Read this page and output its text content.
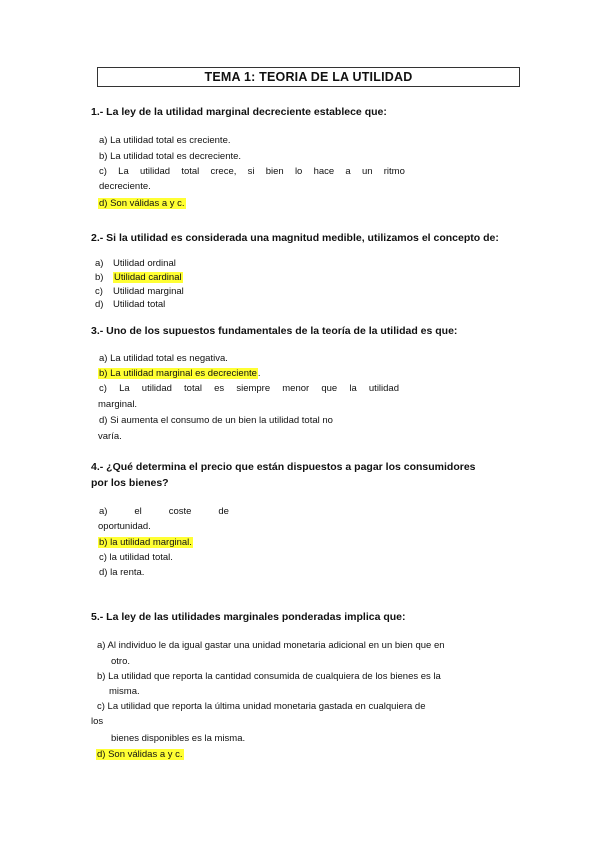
TEMA 1: TEORIA DE LA UTILIDAD
1.- La ley de la utilidad marginal decreciente establece que:
a) La utilidad total es creciente.
b) La utilidad total es decreciente.
c) La utilidad total crece, si bien lo hace a un ritmo
decreciente.
d) Son válidas a y c.
2.- Si la utilidad es considerada una magnitud medible, utilizamos el concepto de:
a)	Utilidad ordinal
b)	Utilidad cardinal
c)	Utilidad marginal
d)	Utilidad total
3.- Uno de los supuestos fundamentales de la teoría de la utilidad es que:
a) La utilidad total es negativa.
b) La utilidad marginal es decreciente.
c) La utilidad total es siempre menor que la utilidad
marginal.
d) Si aumenta el consumo de un bien la utilidad total no
varía.
4.- ¿Qué determina el precio que están dispuestos a pagar los consumidores
por los bienes?
a)	el	coste	de
oportunidad.
b) la utilidad marginal.
c) la utilidad total.
d) la renta.
5.- La ley de las utilidades marginales ponderadas implica que:
a) Al individuo le da igual gastar una unidad monetaria adicional en un bien que en
otro.
b) La utilidad que reporta la cantidad consumida de cualquiera de los bienes es la
misma.
c) La utilidad que reporta la última unidad monetaria gastada en cualquiera de
los
bienes disponibles es la misma.
d) Son válidas a y c.
